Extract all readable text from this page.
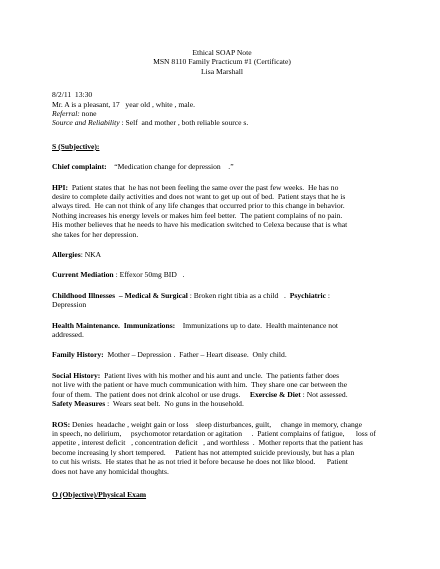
Ethical SOAP Note
MSN 8110 Family Practicum #1 (Certificate)
Lisa Marshall
8/2/11  13:30
Mr. A is a pleasant, 17   year old , white , male.
Referral: none
Source and Reliability : Self  and mother , both reliable source s.
S (Subjective):
Chief complaint:    “Medication change for depression    .”
HPI:  Patient states that  he has not been feeling the same over the past few weeks.  He has no
desire to complete daily activities and does not want to get up out of bed.  Patient stays that he is
always tired.  He can not think of any life changes that occurred prior to this change in behavior.
Nothing increases his energy levels or makes him feel better.  The patient complains of no pain.
His mother believes that he needs to have his medication switched to Celexa because that is what
she takes for her depression.
Allergies: NKA
Current Mediation : Effexor 50mg BID   .
Childhood Illnesses  – Medical & Surgical : Broken right tibia as a child   .  Psychiatric :
Depression
Health Maintenance.  Immunizations:    Immunizations up to date.  Health maintenance not
addressed.
Family History:  Mother – Depression .  Father – Heart disease.  Only child.
Social History:  Patient lives with his mother and his aunt and uncle.  The patients father does
not live with the patient or have much communication with him.  They share one car between the
four of them.  The patient does not drink alcohol or use drugs.     Exercise & Diet : Not assessed.
Safety Measures :  Wears seat belt.  No guns in the household.
ROS: Denies  headache , weight gain or loss    sleep disturbances, guilt,     change in memory, change
in speech, no delirium,     psychomotor retardation or agitation     .  Patient complains of fatigue,      loss of
appetite , interest deficit   , concentration deficit   , and worthless  .  Mother reports that the patient has
become increasing ly short tempered.     Patient has not attempted suicide previously, but has a plan
to cut his wrists.  He states that he as not tried it before because he does not like blood.      Patient
does not have any homicidal thoughts.
O (Objective)/Physical Exam
